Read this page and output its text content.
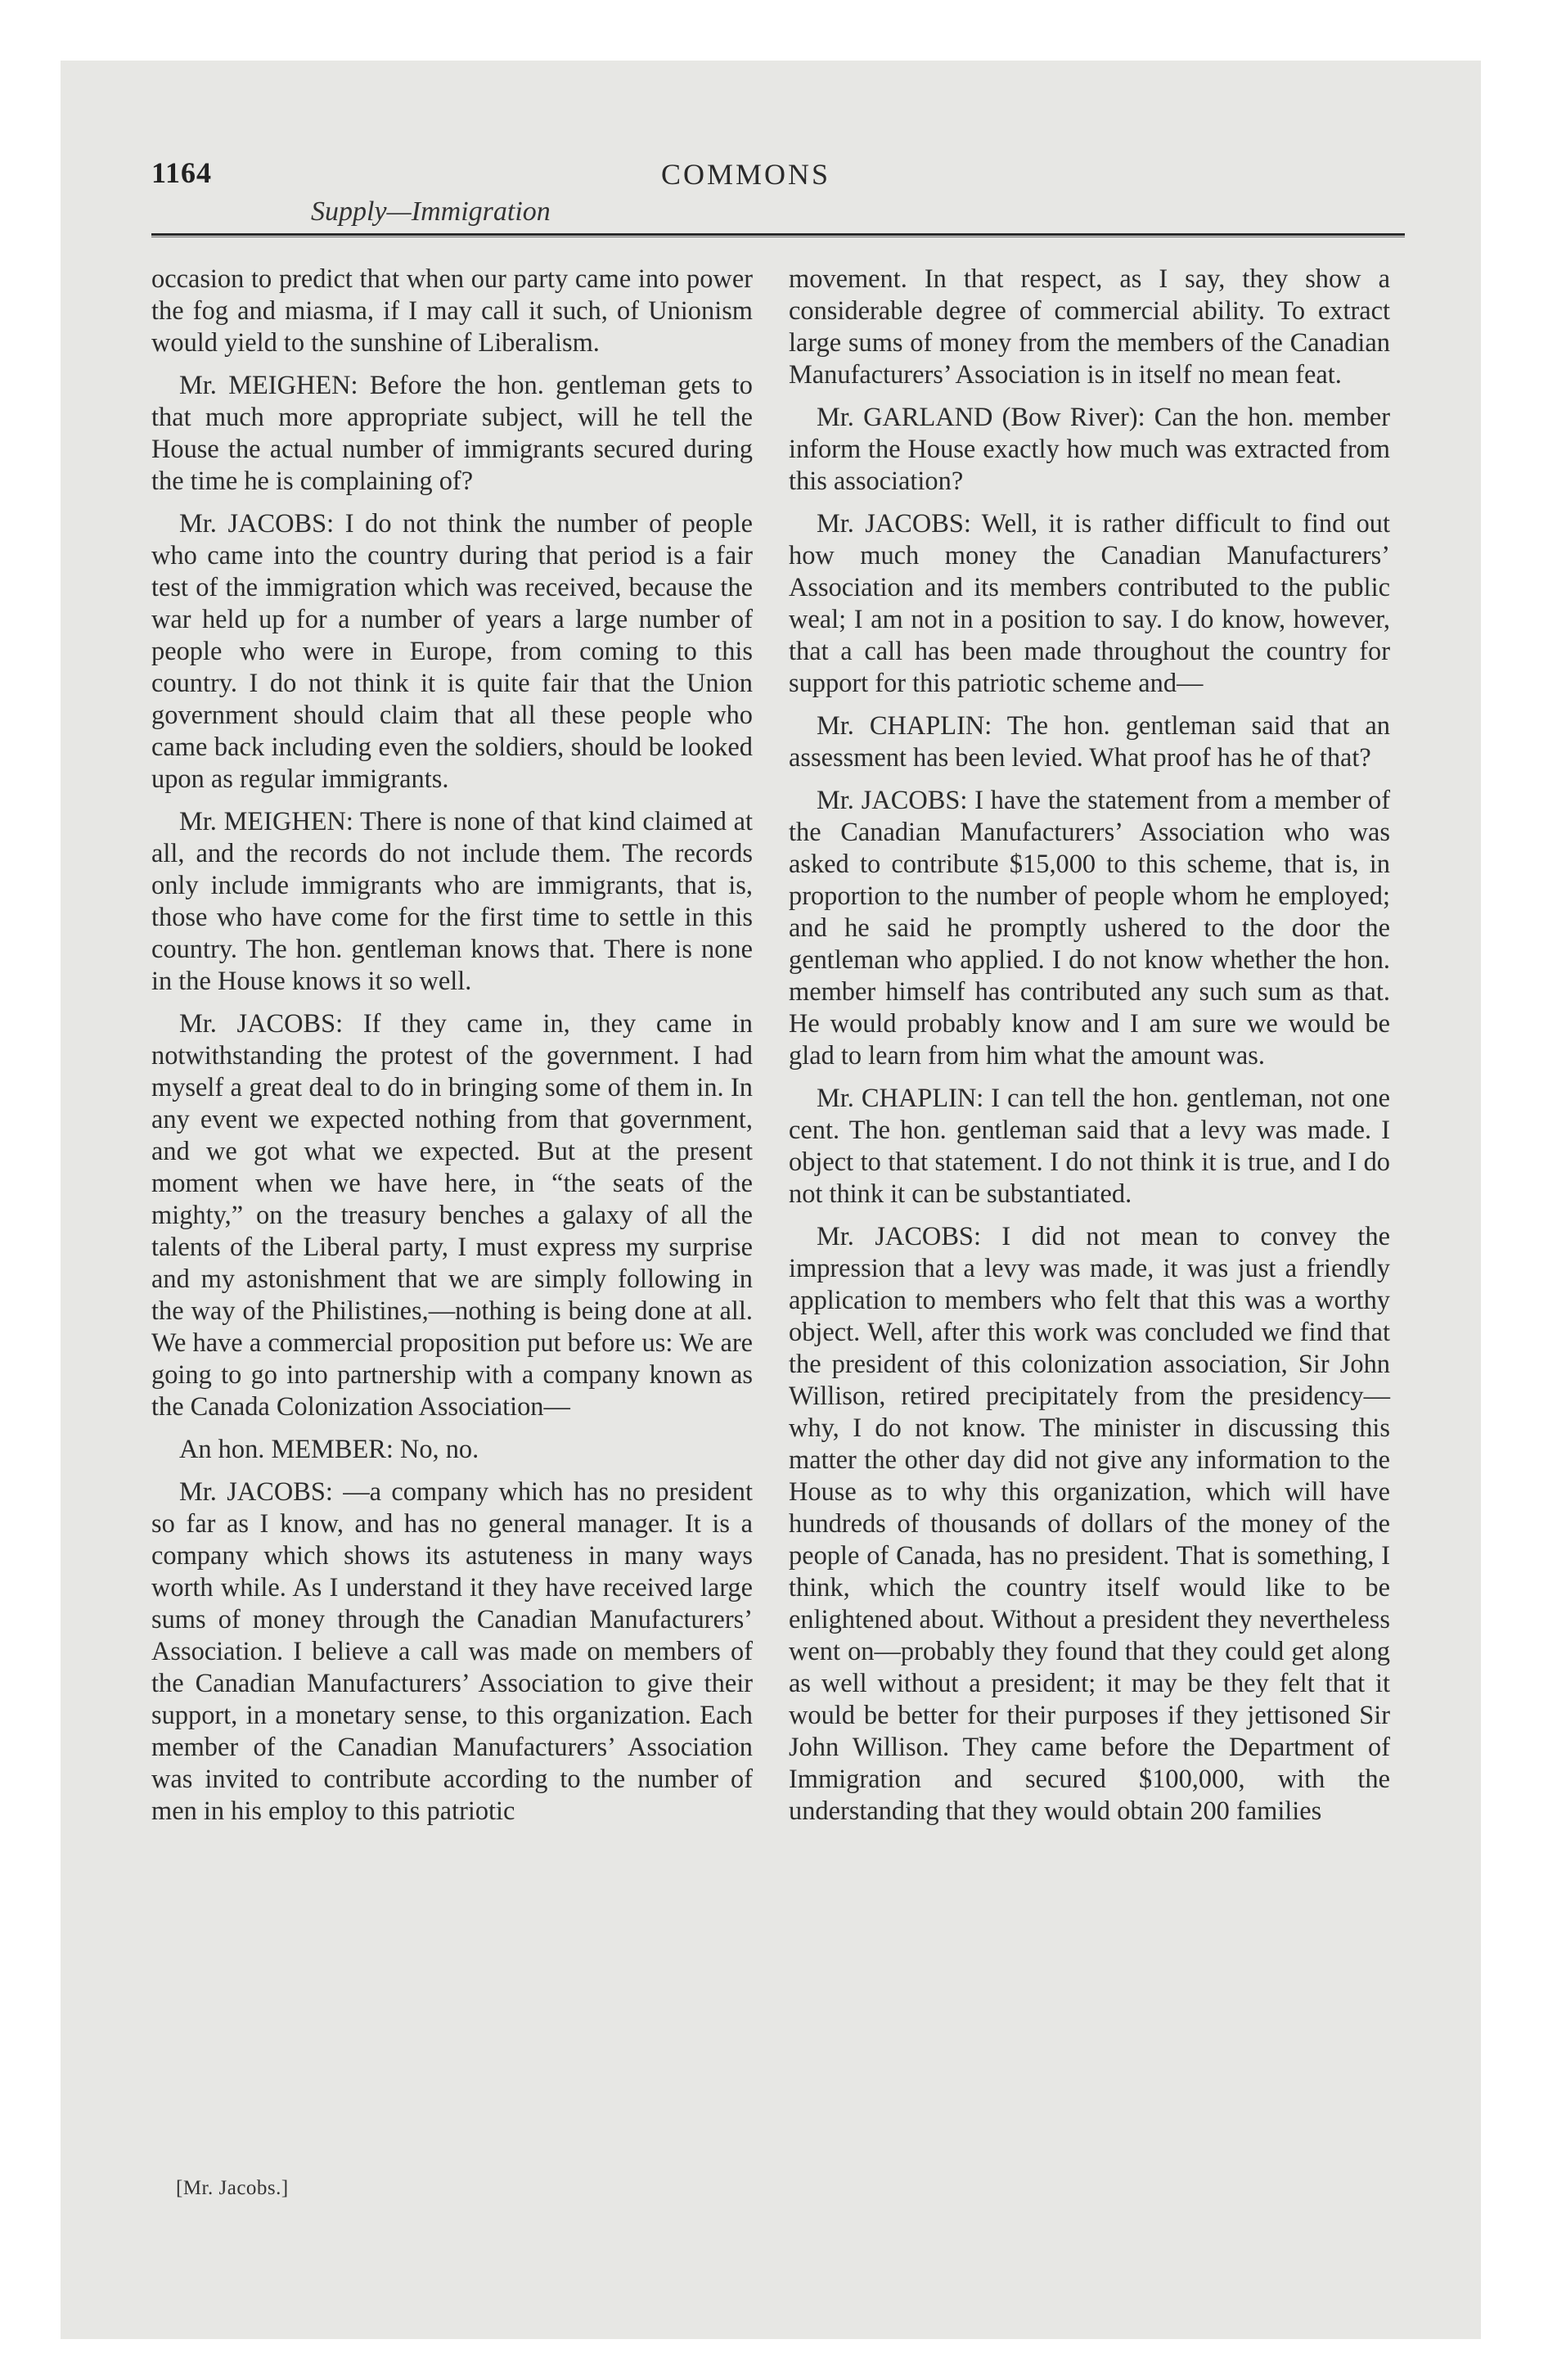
1164	COMMONS
Supply—Immigration

occasion to predict that when our party came into power the fog and miasma, if I may call it such, of Unionism would yield to the sunshine of Liberalism.

Mr. MEIGHEN: Before the hon. gentleman gets to that much more appropriate subject, will he tell the House the actual number of immigrants secured during the time he is complaining of?

Mr. JACOBS: I do not think the number of people who came into the country during that period is a fair test of the immigration which was received, because the war held up for a number of years a large number of people who were in Europe, from coming to this country. I do not think it is quite fair that the Union government should claim that all these people who came back including even the soldiers, should be looked upon as regular immigrants.

Mr. MEIGHEN: There is none of that kind claimed at all, and the records do not include them. The records only include immigrants who are immigrants, that is, those who have come for the first time to settle in this country. The hon. gentleman knows that. There is none in the House knows it so well.

Mr. JACOBS: If they came in, they came in notwithstanding the protest of the government. I had myself a great deal to do in bringing some of them in. In any event we expected nothing from that government, and we got what we expected. But at the present moment when we have here, in “the seats of the mighty,” on the treasury benches a galaxy of all the talents of the Liberal party, I must express my surprise and my astonishment that we are simply following in the way of the Philistines,—nothing is being done at all. We have a commercial proposition put before us: We are going to go into partnership with a company known as the Canada Colonization Association—

An hon. MEMBER: No, no.

Mr. JACOBS: —a company which has no president so far as I know, and has no general manager. It is a company which shows its astuteness in many ways worth while. As I understand it they have received large sums of money through the Canadian Manufacturers’ Association. I believe a call was made on members of the Canadian Manufacturers’ Association to give their support, in a monetary sense, to this organization. Each member of the Canadian Manufacturers’ Association was invited to contribute according to the number of men in his employ to this patriotic

movement. In that respect, as I say, they show a considerable degree of commercial ability. To extract large sums of money from the members of the Canadian Manufacturers’ Association is in itself no mean feat.

Mr. GARLAND (Bow River): Can the hon. member inform the House exactly how much was extracted from this association?

Mr. JACOBS: Well, it is rather difficult to find out how much money the Canadian Manufacturers’ Association and its members contributed to the public weal; I am not in a position to say. I do know, however, that a call has been made throughout the country for support for this patriotic scheme and—

Mr. CHAPLIN: The hon. gentleman said that an assessment has been levied. What proof has he of that?

Mr. JACOBS: I have the statement from a member of the Canadian Manufacturers’ Association who was asked to contribute $15,000 to this scheme, that is, in proportion to the number of people whom he employed; and he said he promptly ushered to the door the gentleman who applied. I do not know whether the hon. member himself has contributed any such sum as that. He would probably know and I am sure we would be glad to learn from him what the amount was.

Mr. CHAPLIN: I can tell the hon. gentleman, not one cent. The hon. gentleman said that a levy was made. I object to that statement. I do not think it is true, and I do not think it can be substantiated.

Mr. JACOBS: I did not mean to convey the impression that a levy was made, it was just a friendly application to members who felt that this was a worthy object. Well, after this work was concluded we find that the president of this colonization association, Sir John Willison, retired precipitately from the presidency—why, I do not know. The minister in discussing this matter the other day did not give any information to the House as to why this organization, which will have hundreds of thousands of dollars of the money of the people of Canada, has no president. That is something, I think, which the country itself would like to be enlightened about. Without a president they nevertheless went on—probably they found that they could get along as well without a president; it may be they felt that it would be better for their purposes if they jettisoned Sir John Willison. They came before the Department of Immigration and secured $100,000, with the understanding that they would obtain 200 families

[Mr. Jacobs.]
